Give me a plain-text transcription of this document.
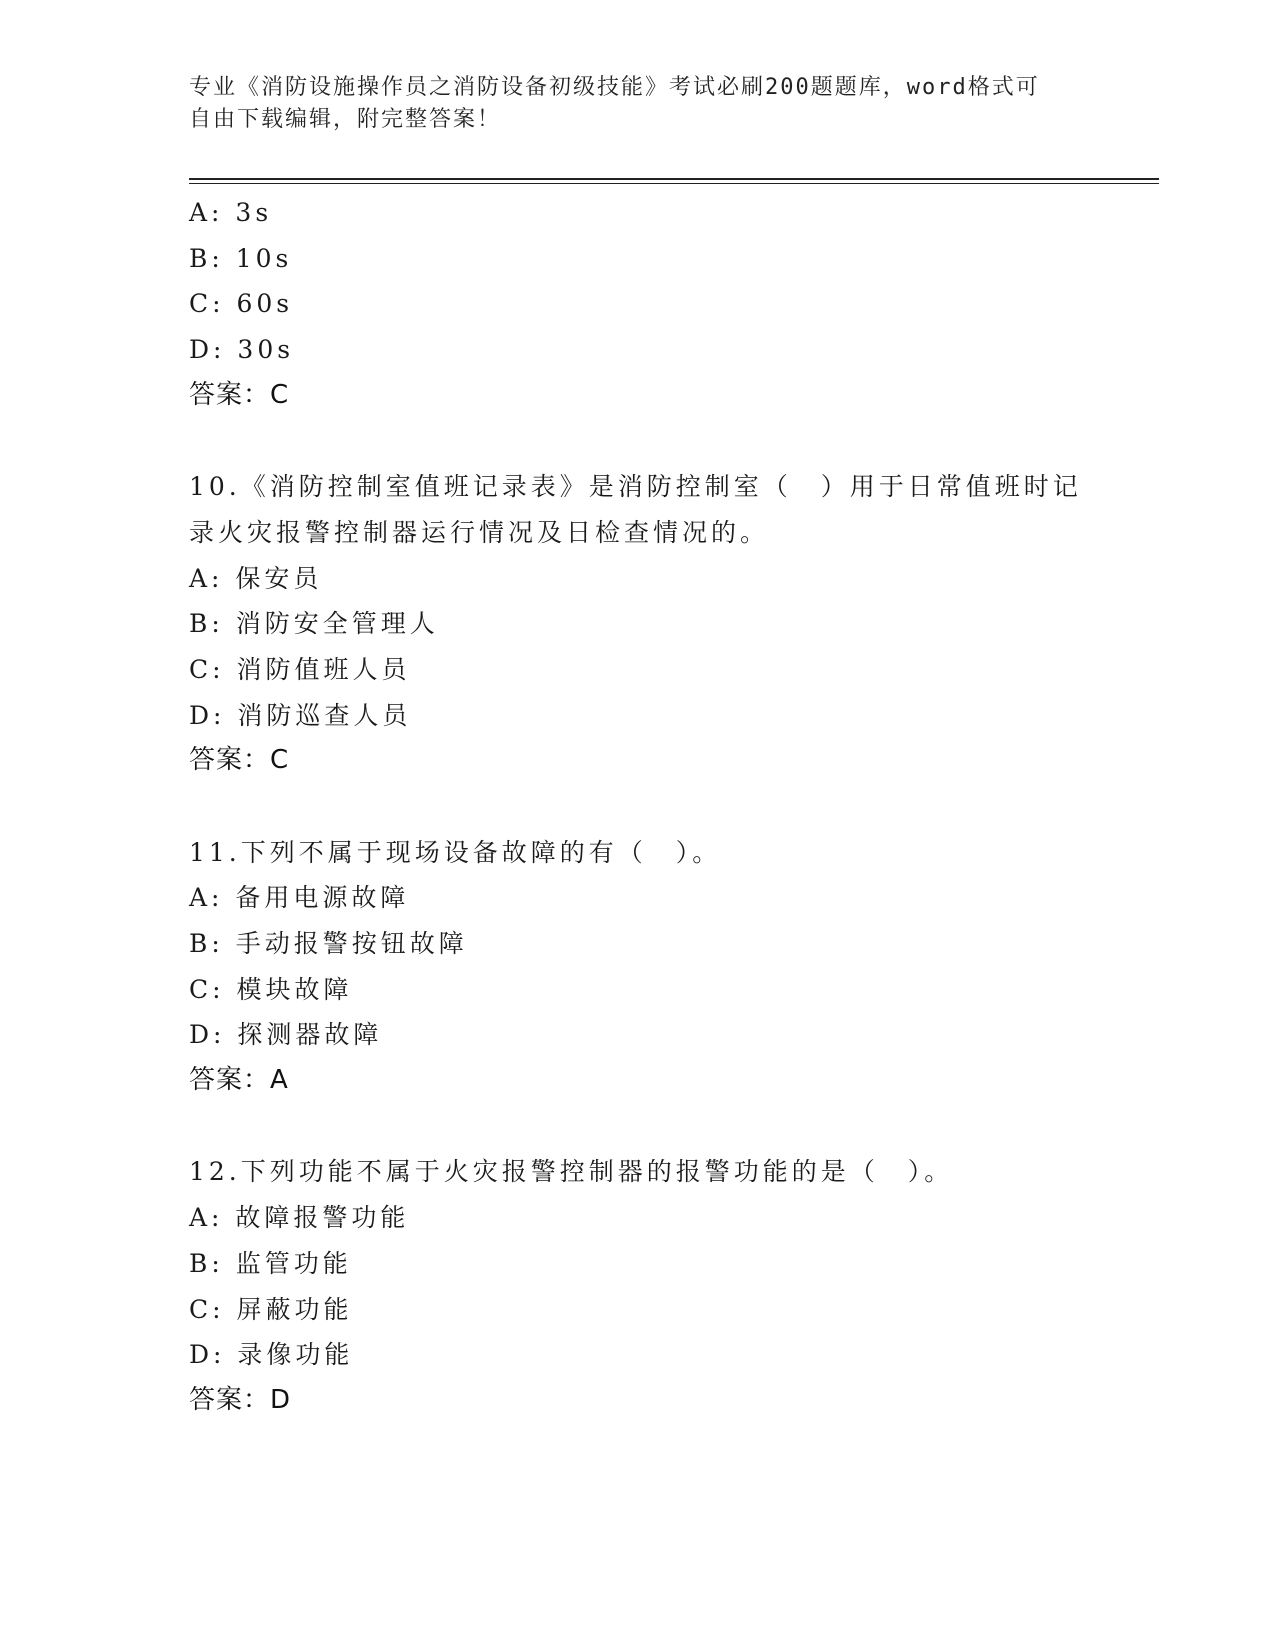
专业《消防设施操作员之消防设备初级技能》考试必刷200题题库，word格式可
自由下载编辑，附完整答案！
A: 3s
B: 10s
C: 60s
D: 30s
答案：C
10.《消防控制室值班记录表》是消防控制室（　）用于日常值班时记
录火灾报警控制器运行情况及日检查情况的。
A: 保安员
B: 消防安全管理人
C: 消防值班人员
D: 消防巡查人员
答案：C
11.下列不属于现场设备故障的有（　）。
A: 备用电源故障
B: 手动报警按钮故障
C: 模块故障
D: 探测器故障
答案：A
12.下列功能不属于火灾报警控制器的报警功能的是（　）。
A: 故障报警功能
B: 监管功能
C: 屏蔽功能
D: 录像功能
答案：D
